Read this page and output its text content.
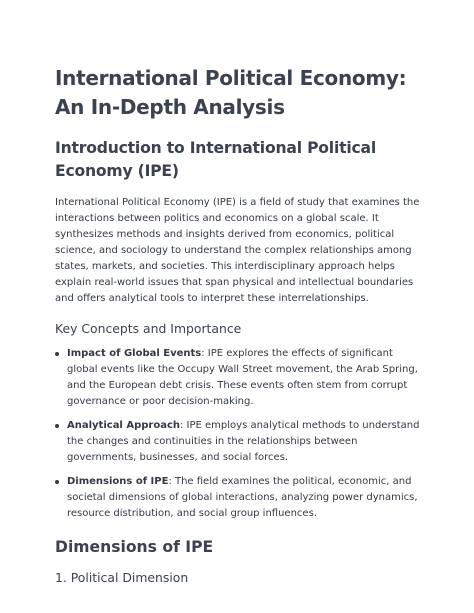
International Political Economy: An In-Depth Analysis
Introduction to International Political Economy (IPE)

International Political Economy (IPE) is a field of study that examines the interactions between politics and economics on a global scale. It synthesizes methods and insights derived from economics, political science, and sociology to understand the complex relationships among states, markets, and societies. This interdisciplinary approach helps explain real-world issues that span physical and intellectual boundaries and offers analytical tools to interpret these interrelationships.

Key Concepts and Importance
Impact of Global Events: IPE explores the effects of significant global events like the Occupy Wall Street movement, the Arab Spring, and the European debt crisis. These events often stem from corrupt governance or poor decision-making.
Analytical Approach: IPE employs analytical methods to understand the changes and continuities in the relationships between governments, businesses, and social forces.
Dimensions of IPE: The field examines the political, economic, and societal dimensions of global interactions, analyzing power dynamics, resource distribution, and social group influences.
Dimensions of IPE
1. Political Dimension
